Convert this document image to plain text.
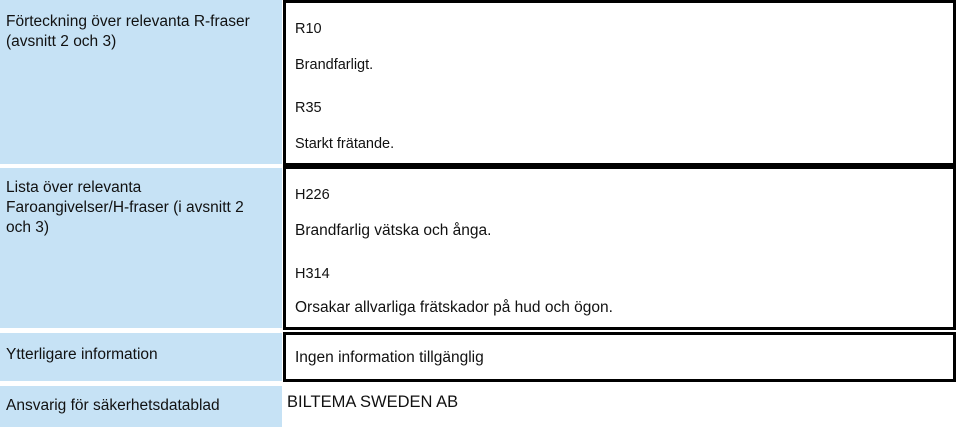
Förteckning över relevanta R-fraser (avsnitt 2 och 3)
R10
Brandfarligt.
R35
Starkt frätande.
Lista över relevanta Faroangivelser/H-fraser (i avsnitt 2 och 3)
H226
Brandfarlig vätska och ånga.
H314
Orsakar allvarliga frätskador på hud och ögon.
Ytterligare information	Ingen information tillgänglig
Ansvarig för säkerhetsdatablad	BILTEMA SWEDEN AB
